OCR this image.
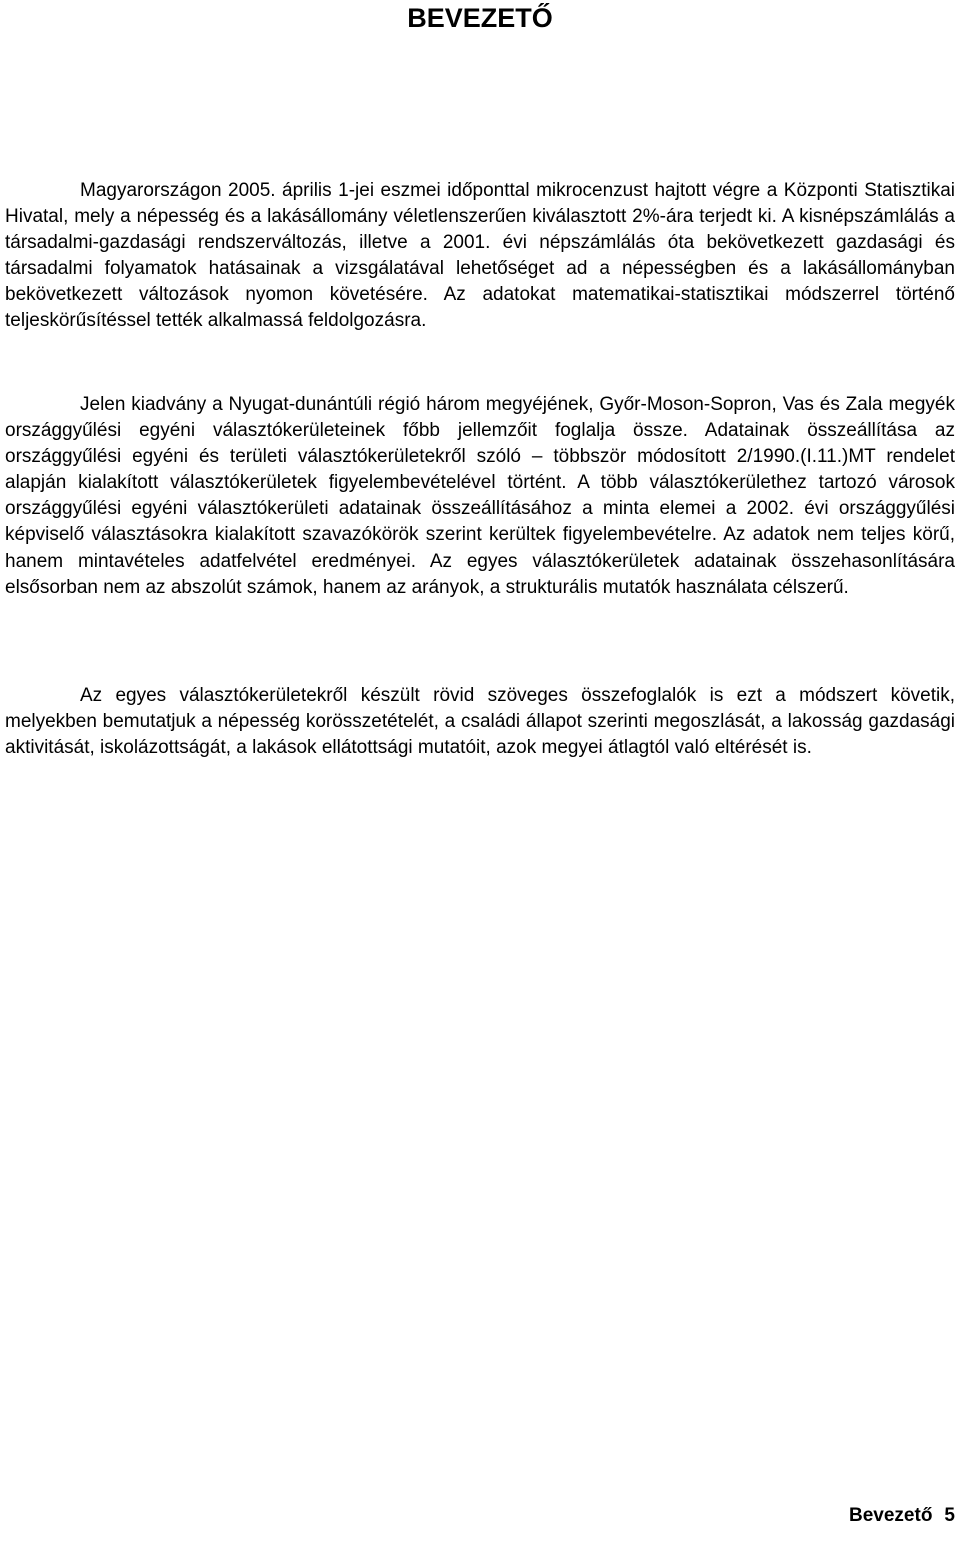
BEVEZETŐ

Magyarországon 2005. április 1-jei eszmei időponttal mikrocenzust hajtott végre a Központi Statisztikai Hivatal, mely a népesség és a lakásállomány véletlenszerűen kiválasztott 2%-ára terjedt ki. A kisnépszámlálás a társadalmi-gazdasági rendszerváltozás, illetve a 2001. évi népszámlálás óta bekövetkezett gazdasági és társadalmi folyamatok hatásainak a vizsgálatával lehetőséget ad a népességben és a lakásállományban bekövetkezett változások nyomon követésére. Az adatokat matematikai-statisztikai módszerrel történő teljeskörűsítéssel tették alkalmassá feldolgozásra.

Jelen kiadvány a Nyugat-dunántúli régió három megyéjének, Győr-Moson-Sopron, Vas és Zala megyék országgyűlési egyéni választókerületeinek főbb jellemzőit foglalja össze. Adatainak összeállítása az országgyűlési egyéni és területi választókerületekről szóló – többször módosított 2/1990.(I.11.)MT rendelet alapján kialakított választókerületek figyelembevételével történt. A több választókerülethez tartozó városok országgyűlési egyéni választókerületi adatainak összeállításához a minta elemei a 2002. évi országgyűlési képviselő választásokra kialakított szavazókörök szerint kerültek figyelembevételre. Az adatok nem teljes körű, hanem mintavételes adatfelvétel eredményei. Az egyes választókerületek adatainak összehasonlítására elsősorban nem az abszolút számok, hanem az arányok, a strukturális mutatók használata célszerű.

Az egyes választókerületekről készült rövid szöveges összefoglalók is ezt a módszert követik, melyekben bemutatjuk a népesség korösszetételét, a családi állapot szerinti megoszlását, a lakosság gazdasági aktivitását, iskolázottságát, a lakások ellátottsági mutatóit, azok megyei átlagtól való eltérését is.

Bevezető 5
